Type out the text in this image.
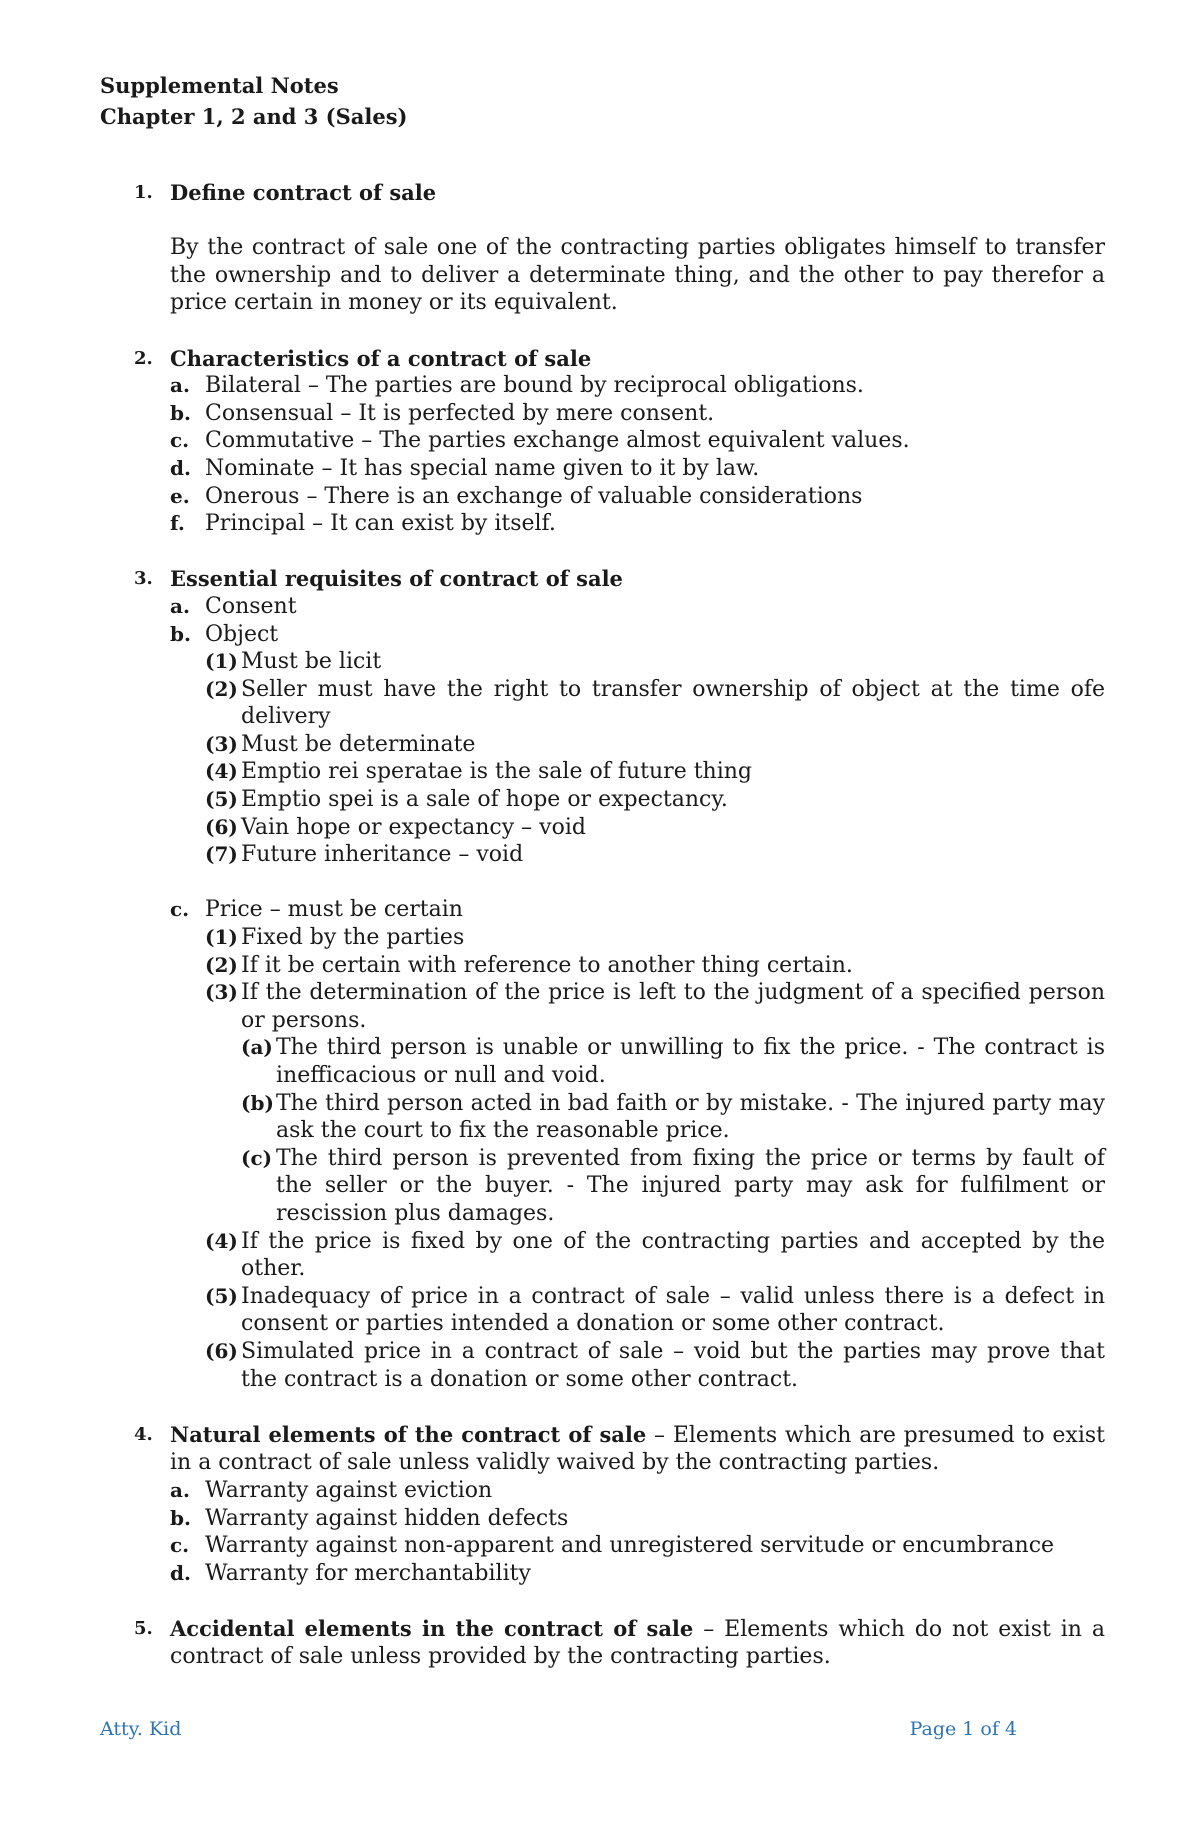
Supplemental Notes
Chapter 1, 2 and 3 (Sales)
1. Define contract of sale

By the contract of sale one of the contracting parties obligates himself to transfer the ownership and to deliver a determinate thing, and the other to pay therefor a price certain in money or its equivalent.

2. Characteristics of a contract of sale
a. Bilateral – The parties are bound by reciprocal obligations.
b. Consensual – It is perfected by mere consent.
c. Commutative – The parties exchange almost equivalent values.
d. Nominate – It has special name given to it by law.
e. Onerous – There is an exchange of valuable considerations
f. Principal – It can exist by itself.
3. Essential requisites of contract of sale
a. Consent
b. Object
(1) Must be licit
(2) Seller must have the right to transfer ownership of object at the time ofe delivery
(3) Must be determinate
(4) Emptio rei speratae is the sale of future thing
(5) Emptio spei is a sale of hope or expectancy.
(6) Vain hope or expectancy – void
(7) Future inheritance – void
c. Price – must be certain
(1) Fixed by the parties
(2) If it be certain with reference to another thing certain.
(3) If the determination of the price is left to the judgment of a specified person or persons.
(a) The third person is unable or unwilling to fix the price. - The contract is inefficacious or null and void.
(b) The third person acted in bad faith or by mistake. - The injured party may ask the court to fix the reasonable price.
(c) The third person is prevented from fixing the price or terms by fault of the seller or the buyer. - The injured party may ask for fulfilment or rescission plus damages.
(4) If the price is fixed by one of the contracting parties and accepted by the other.
(5) Inadequacy of price in a contract of sale – valid unless there is a defect in consent or parties intended a donation or some other contract.
(6) Simulated price in a contract of sale – void but the parties may prove that the contract is a donation or some other contract.
4. Natural elements of the contract of sale – Elements which are presumed to exist in a contract of sale unless validly waived by the contracting parties.

a. Warranty against eviction
b. Warranty against hidden defects
c. Warranty against non-apparent and unregistered servitude or encumbrance
d. Warranty for merchantability
5. Accidental elements in the contract of sale – Elements which do not exist in a contract of sale unless provided by the contracting parties.

Atty. Kid	Page 1 of 4
